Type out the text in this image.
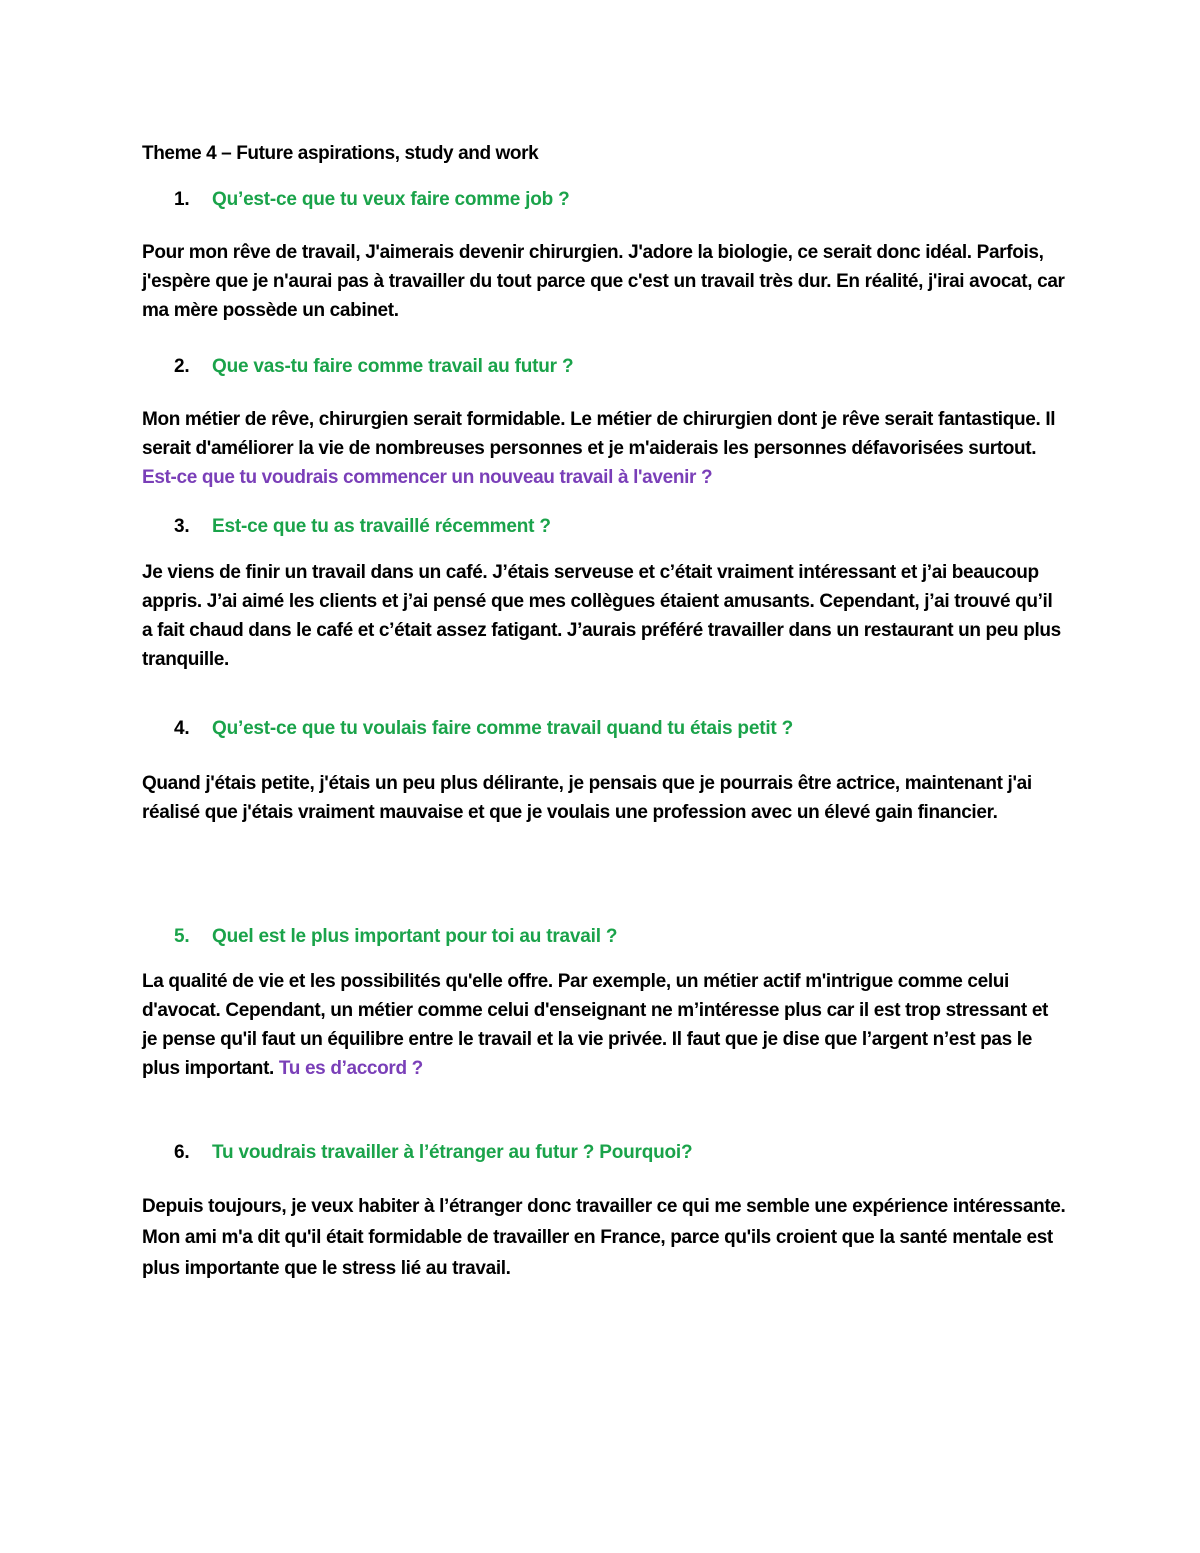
Theme 4 – Future aspirations, study and work
1. Qu’est-ce que tu veux faire comme job ?

Pour mon rêve de travail, J'aimerais devenir chirurgien. J'adore la biologie, ce serait donc idéal. Parfois, j'espère que je n'aurai pas à travailler du tout parce que c'est un travail très dur. En réalité, j'irai avocat, car ma mère possède un cabinet.

2. Que vas-tu faire comme travail au futur ?

Mon métier de rêve, chirurgien serait formidable. Le métier de chirurgien dont je rêve serait fantastique. Il serait d'améliorer la vie de nombreuses personnes et je m'aiderais les personnes défavorisées surtout. Est-ce que tu voudrais commencer un nouveau travail à l'avenir ?

3. Est-ce que tu as travaillé récemment ?

Je viens de finir un travail dans un café. J’étais serveuse et c’était vraiment intéressant et j’ai beaucoup appris. J’ai aimé les clients et j’ai pensé que mes collègues étaient amusants. Cependant, j’ai trouvé qu’il a fait chaud dans le café et c’était assez fatigant. J’aurais préféré travailler dans un restaurant un peu plus tranquille.

4. Qu’est-ce que tu voulais faire comme travail quand tu étais petit ?

Quand j'étais petite, j'étais un peu plus délirante, je pensais que je pourrais être actrice, maintenant j'ai réalisé que j'étais vraiment mauvaise et que je voulais une profession avec un élevé gain financier.

5. Quel est le plus important pour toi au travail ?

La qualité de vie et les possibilités qu'elle offre. Par exemple, un métier actif m'intrigue comme celui d'avocat. Cependant, un métier comme celui d'enseignant ne m’intéresse plus car il est trop stressant et je pense qu'il faut un équilibre entre le travail et la vie privée. Il faut que je dise que l’argent n’est pas le plus important. Tu es d’accord ?

6. Tu voudrais travailler à l’étranger au futur ? Pourquoi?

Depuis toujours, je veux habiter à l’étranger donc travailler ce qui me semble une expérience intéressante. Mon ami m'a dit qu'il était formidable de travailler en France, parce qu'ils croient que la santé mentale est plus importante que le stress lié au travail.
